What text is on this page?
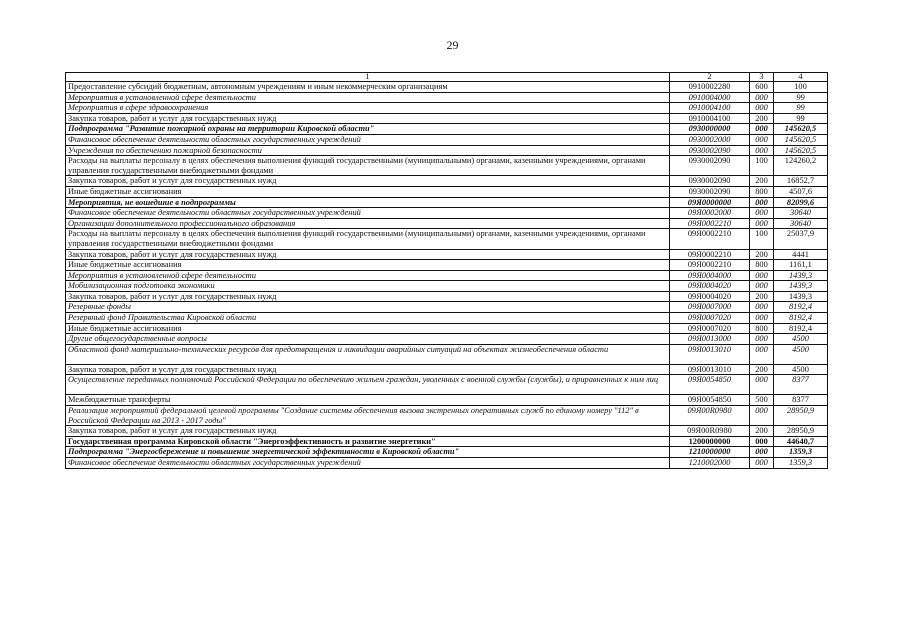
29
1	2	3	4
Предоставление субсидий бюджетным, автономным учреждениям и иным некоммерческим организациям	0910002280	600	100
Мероприятия в установленной сфере деятельности	0910004000	000	99
Мероприятия в сфере здравоохранения	0910004100	000	99
Закупка товаров, работ и услуг для государственных нужд	0910004100	200	99
Подпрограмма "Развитие пожарной охраны на территории Кировской области"	0930000000	000	145620,5
Финансовое обеспечение деятельности областных государственных учреждений	0930002000	000	145620,5
Учреждения по обеспечению пожарной безопасности	0930002090	000	145620,5
Расходы на выплаты персоналу в целях обеспечения выполнения функций государственными (муниципальными) органами, казенными учреждениями, органами управления государственными внебюджетными фондами	0930002090	100	124260,2
Закупка товаров, работ и услуг для государственных нужд	0930002090	200	16852,7
Иные бюджетные ассигнования	0930002090	800	4507,6
Мероприятия, не вошедшие в подпрограммы	09Я0000000	000	82099,6
Финансовое обеспечение деятельности областных государственных учреждений	09Я0002000	000	30640
Организации дополнительного профессионального образования	09Я0002210	000	30640
Расходы на выплаты персоналу в целях обеспечения выполнения функций государственными (муниципальными) органами, казенными учреждениями, органами управления государственными внебюджетными фондами	09Я0002210	100	25037,9
Закупка товаров, работ и услуг для государственных нужд	09Я0002210	200	4441
Иные бюджетные ассигнования	09Я0002210	800	1161,1
Мероприятия в установленной сфере деятельности	09Я0004000	000	1439,3
Мобилизационная подготовка экономики	09Я0004020	000	1439,3
Закупка товаров, работ и услуг для государственных нужд	09Я0004020	200	1439,3
Резервные фонды	09Я0007000	000	8192,4
Резервный фонд Правительства Кировской области	09Я0007020	000	8192,4
Иные бюджетные ассигнования	09Я0007020	800	8192,4
Другие общегосударственные вопросы	09Я0013000	000	4500
Областной фонд материально-технических ресурсов для предотвращения и ликвидации аварийных ситуаций на объектах жизнеобеспечения области	09Я0013010	000	4500
Закупка товаров, работ и услуг для государственных нужд	09Я0013010	200	4500
Осуществление переданных полномочий Российской Федерации по обеспечению жильем граждан, уволенных с военной службы (службы), и приравненных к ним лиц	09Я0054850	000	8377
Межбюджетные трансферты	09Я0054850	500	8377
Реализация мероприятий федеральной целевой программы "Создание системы обеспечения вызова экстренных оперативных служб по единому номеру "112" в Российской Федерации на 2013 - 2017 годы"	09Я00R0980	000	28950,9
Закупка товаров, работ и услуг для государственных нужд	09Я00R0980	200	28950,9
Государственная программа Кировской области "Энергоэффективность и развитие энергетики"	1200000000	000	44640,7
Подпрограмма "Энергосбережение и повышение энергетической эффективности в Кировской области"	1210000000	000	1359,3
Финансовое обеспечение деятельности областных государственных учреждений	1210002000	000	1359,3
